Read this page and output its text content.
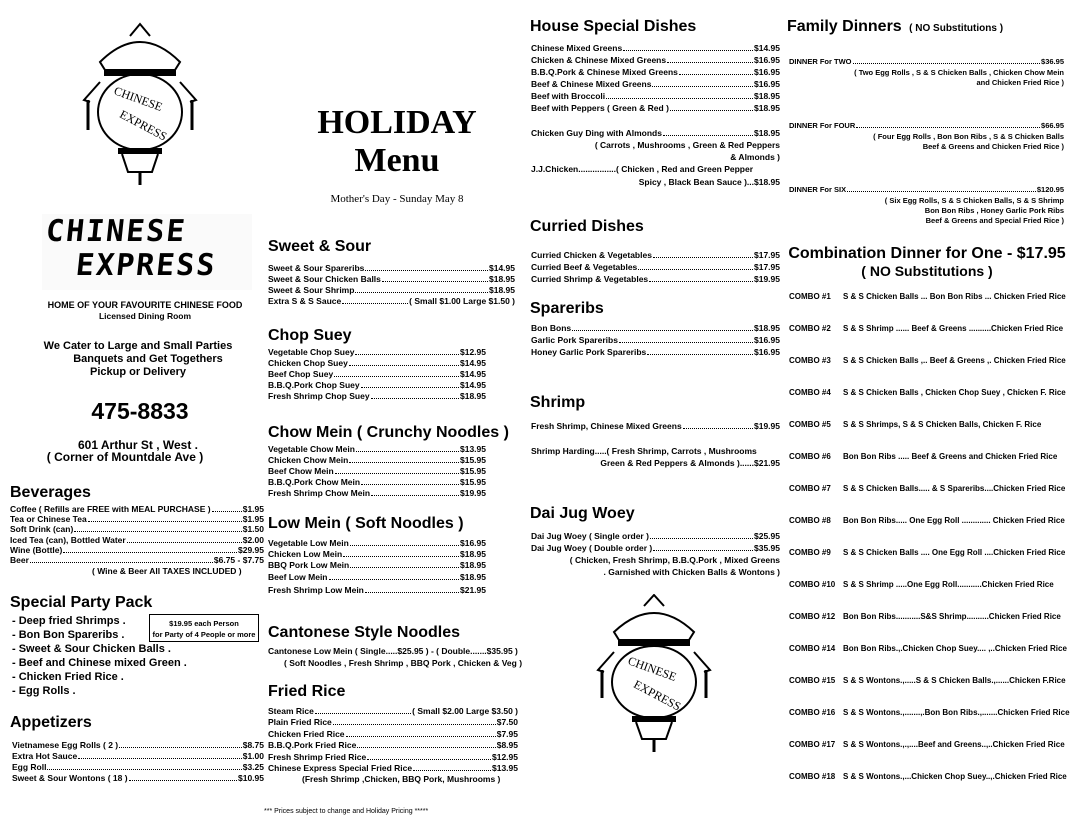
CHINESE
EXPRESS
CHINESE
EXPRESS
HOME OF YOUR FAVOURITE CHINESE FOOD
Licensed Dining Room
We Cater to Large and Small Parties
Banquets and Get Togethers
Pickup or Delivery
475-8833
601 Arthur St , West .
( Corner of Mountdale Ave )
Beverages
Coffee ( Refills are FREE with MEAL PURCHASE )	$1.95
Tea or Chinese Tea	$1.95
Soft Drink (can)	$1.50
Iced Tea (can), Bottled Water	$2.00
Wine (Bottle)	$29.95
Beer	$6.75 - $7.75
( Wine & Beer All TAXES INCLUDED )
Special Party Pack
- Deep fried Shrimps .
- Bon Bon Spareribs .
- Sweet & Sour Chicken Balls .
- Beef and Chinese mixed Green .
- Chicken Fried Rice .
- Egg Rolls .
$19.95 each Person
for Party of 4 People or more
Appetizers
Vietnamese Egg Rolls ( 2 )	$8.75
Extra Hot Sauce	$1.00
Egg Roll	$3.25
Sweet & Sour Wontons ( 18 )	$10.95
HOLIDAY
Menu
Mother's Day - Sunday May 8
Sweet & Sour
Sweet & Sour Spareribs	$14.95
Sweet & Sour Chicken Balls	$18.95
Sweet & Sour Shrimp	$18.95
Extra S & S Sauce	( Small $1.00 Large $1.50 )
Chop Suey
Vegetable Chop Suey	$12.95
Chicken Chop Suey	$14.95
Beef Chop Suey	$14.95
B.B.Q.Pork Chop Suey	$14.95
Fresh Shrimp Chop Suey	$18.95
Chow Mein ( Crunchy Noodles )
Vegetable Chow Mein	$13.95
Chicken Chow Mein	$15.95
Beef Chow Mein	$15.95
B.B.Q.Pork Chow Mein	$15.95
Fresh Shrimp Chow Mein	$19.95
Low Mein ( Soft Noodles )
Vegetable Low Mein	$16.95
Chicken Low Mein	$18.95
BBQ Pork Low Mein	$18.95
Beef Low Mein	$18.95
Fresh Shrimp Low Mein	$21.95
Cantonese Style Noodles
Cantonese Low Mein ( Single.....$25.95 ) - ( Double.......$35.95 )
( Soft Noodles , Fresh Shrimp , BBQ Pork , Chicken & Veg )
Fried Rice
Steam Rice	( Small $2.00 Large $3.50 )
Plain Fried Rice	$7.50
Chicken Fried Rice	$7.95
B.B.Q.Pork Fried Rice	$8.95
Fresh Shrimp Fried Rice	$12.95
Chinese Express Special Fried Rice	$13.95
(Fresh Shrimp ,Chicken, BBQ Pork, Mushrooms )
*** Prices subject to change and Holiday Pricing *****
House Special Dishes
Chinese Mixed Greens	$14.95
Chicken & Chinese Mixed Greens	$16.95
B.B.Q.Pork & Chinese Mixed Greens	$16.95
Beef & Chinese Mixed Greens	$16.95
Beef with Broccoli	$18.95
Beef with Peppers ( Green & Red )	$18.95
Chicken Guy Ding with Almonds	$18.95
( Carrots , Mushrooms , Green & Red Peppers
& Almonds )
J.J.Chicken................( Chicken , Red and Green Pepper
Spicy , Black Bean Sauce )...$18.95
Curried Dishes
Curried Chicken & Vegetables	$17.95
Curried Beef & Vegetables	$17.95
Curried Shrimp & Vegetables	$19.95
Spareribs
Bon Bons	$18.95
Garlic Pork Spareribs	$16.95
Honey Garlic Pork Spareribs	$16.95
Shrimp
Fresh Shrimp, Chinese Mixed Greens	$19.95
Shrimp Harding.....( Fresh Shrimp, Carrots , Mushrooms
Green & Red Peppers & Almonds )......$21.95
Dai Jug Woey
Dai Jug Woey ( Single order )	$25.95
Dai Jug Woey ( Double order )	$35.95
( Chicken, Fresh Shrimp, B.B.Q.Pork , Mixed Greens
. Garnished with Chicken Balls & Wontons )
CHINESE
EXPRESS
Family Dinners ( NO Substitutions )
DINNER For TWO	$36.95
( Two Egg Rolls , S & S Chicken Balls , Chicken Chow Mein
and Chicken Fried Rice )
DINNER For FOUR	$66.95
( Four Egg Rolls , Bon Bon Ribs , S & S Chicken Balls
Beef & Greens and Chicken Fried Rice )
DINNER For SIX	$120.95
( Six Egg Rolls, S & S Chicken Balls, S & S Shrimp
Bon Bon Ribs , Honey Garlic Pork Ribs
Beef & Greens and Special Fried Rice )
Combination Dinner for One - $17.95
( NO Substitutions )
COMBO #1 S & S Chicken Balls ... Bon Bon Ribs ... Chicken Fried Rice
COMBO #2 S & S Shrimp ...... Beef & Greens ..........Chicken Fried Rice
COMBO #3 S & S Chicken Balls ,.. Beef & Greens ,. Chicken Fried Rice
COMBO #4 S & S Chicken Balls , Chicken Chop Suey , Chicken F. Rice
COMBO #5 S & S Shrimps, S & S Chicken Balls, Chicken F. Rice
COMBO #6 Bon Bon Ribs ..... Beef & Greens and Chicken Fried Rice
COMBO #7 S & S Chicken Balls..... & S Spareribs....Chicken Fried Rice
COMBO #8 Bon Bon Ribs..... One Egg Roll ............. Chicken Fried Rice
COMBO #9 S & S Chicken Balls .... One Egg Roll ....Chicken Fried Rice
COMBO #10 S & S Shrimp .....One Egg Roll...........Chicken Fried Rice
COMBO #12 Bon Bon Ribs...........S&S Shrimp..........Chicken Fried Rice
COMBO #14 Bon Bon Ribs.,.Chicken Chop Suey.... ,..Chicken Fried Rice
COMBO #15 S & S Wontons.,.....S & S Chicken Balls.,......Chicken F.Rice
COMBO #16 S & S Wontons.,.......,.Bon Bon Ribs.,.......Chicken Fried Rice
COMBO #17 S & S Wontons.,.,....Beef and Greens..,..Chicken Fried Rice
COMBO #18 S & S Wontons.,...Chicken Chop Suey..,.Chicken Fried Rice
